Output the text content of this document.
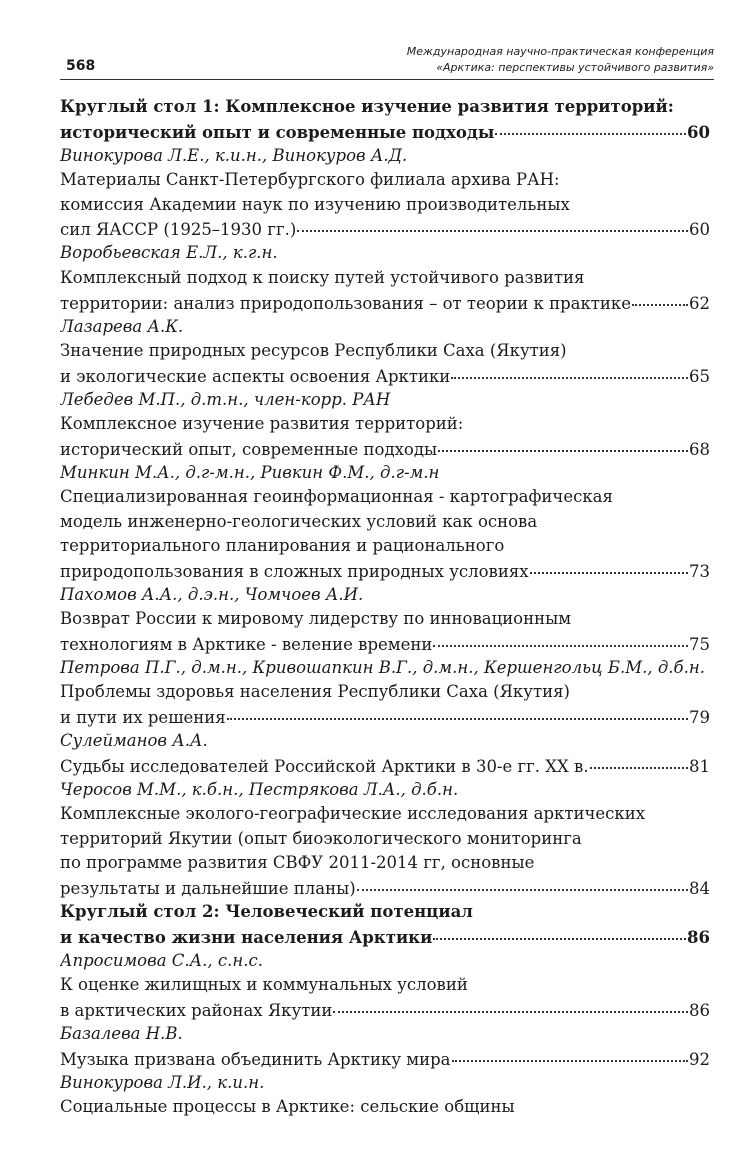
568
Международная научно-практическая конференция
«Арктика: перспективы устойчивого развития»
Круглый стол 1: Комплексное изучение развития территорий:
исторический опыт и современные подходы	60
Винокурова Л.Е., к.и.н., Винокуров А.Д.
Материалы Санкт-Петербургского филиала архива РАН:
комиссия Академии наук по изучению производительных
сил ЯАССР (1925–1930 гг.)	60
Воробьевская Е.Л., к.г.н.
Комплексный подход к поиску путей устойчивого развития
территории: анализ природопользования – от теории к практике	62
Лазарева А.К.
Значение природных ресурсов Республики Саха (Якутия)
и экологические аспекты освоения Арктики	65
Лебедев М.П., д.т.н., член-корр. РАН
Комплексное изучение развития территорий:
исторический опыт, современные подходы	68
Минкин М.А., д.г-м.н., Ривкин Ф.М., д.г-м.н
Специализированная геоинформационная - картографическая
модель инженерно-геологических условий как основа
территориального планирования и рационального
природопользования в сложных природных условиях	73
Пахомов А.А., д.э.н., Чомчоев А.И.
Возврат России к мировому лидерству по инновационным
технологиям в Арктике - веление времени	75
Петрова П.Г., д.м.н., Кривошапкин В.Г., д.м.н., Кершенгольц Б.М., д.б.н.
Проблемы здоровья населения Республики Саха (Якутия)
и пути их решения	79
Сулейманов А.А.
Судьбы исследователей Российской Арктики в 30-е гг. XX в.	81
Черосов М.М., к.б.н., Пестрякова Л.А., д.б.н.
Комплексные эколого-географические исследования арктических
территорий Якутии (опыт биоэкологического мониторинга
по программе развития СВФУ 2011-2014 гг, основные
результаты и дальнейшие планы)	84
Круглый стол 2: Человеческий потенциал
и качество жизни населения Арктики	86
Апросимова С.А., с.н.с.
К оценке жилищных и коммунальных условий
в арктических районах Якутии	86
Базалева Н.В.
Музыка призвана объединить Арктику мира	92
Винокурова Л.И., к.и.н.
Социальные процессы в Арктике: сельские общины
